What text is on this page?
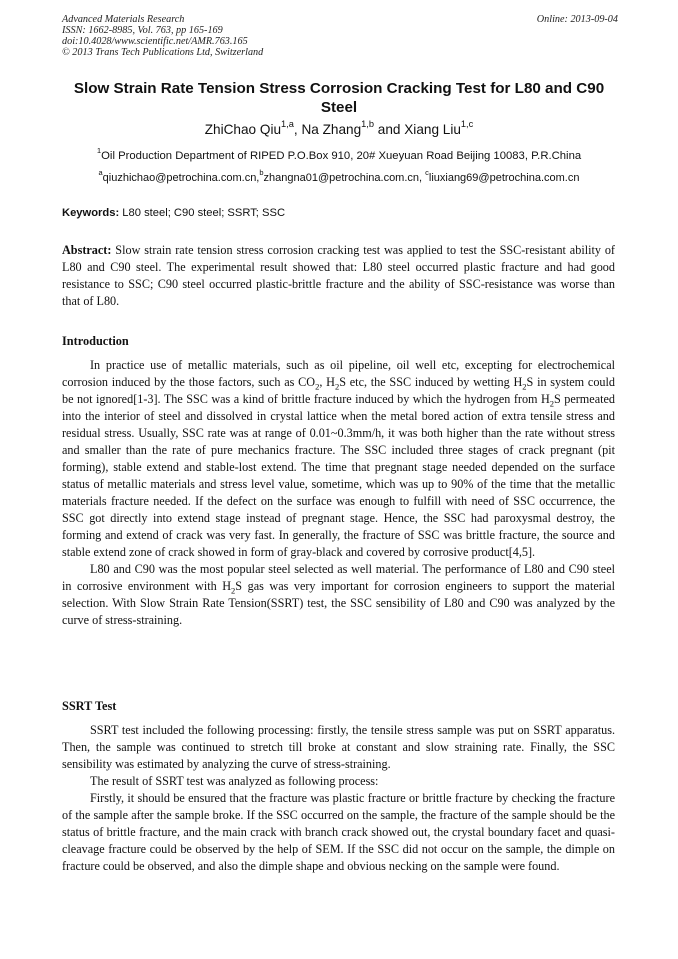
Advanced Materials Research	Online: 2013-09-04
ISSN: 1662-8985, Vol. 763, pp 165-169
doi:10.4028/www.scientific.net/AMR.763.165
© 2013 Trans Tech Publications Ltd, Switzerland
Slow Strain Rate Tension Stress Corrosion Cracking Test for L80 and C90 Steel
ZhiChao Qiu$^{1,a}$, Na Zhang$^{1,b}$ and Xiang Liu$^{1,c}$
$^1$Oil Production Department of RIPED P.O.Box 910, 20# Xueyuan Road Beijing 10083, P.R.China
$^a$qiuzhichao@petrochina.com.cn,$^b$zhangna01@petrochina.com.cn, $^c$liuxiang69@petrochina.com.cn
Keywords: L80 steel; C90 steel; SSRT; SSC
Abstract: Slow strain rate tension stress corrosion cracking test was applied to test the SSC-resistant ability of L80 and C90 steel. The experimental result showed that: L80 steel occurred plastic fracture and had good resistance to SSC; C90 steel occurred plastic-brittle fracture and the ability of SSC-resistance was worse than that of L80.
Introduction

In practice use of metallic materials, such as oil pipeline, oil well etc, excepting for electrochemical corrosion induced by the those factors, such as $CO_2$, $H_2S$ etc, the SSC induced by wetting $H_2S$ in system could be not ignored[1-3]. The SSC was a kind of brittle fracture induced by which the hydrogen from $H_2S$ permeated into the interior of steel and dissolved in crystal lattice when the metal bored action of extra tensile stress and residual stress. Usually, SSC rate was at range of 0.01~0.3mm/h, it was both higher than the rate without stress and smaller than the rate of pure mechanics fracture. The SSC included three stages of crack pregnant (pit forming), stable extend and stable-lost extend. The time that pregnant stage needed depended on the surface status of metallic materials and stress level value, sometime, which was up to 90% of the time that the metallic materials fracture needed. If the defect on the surface was enough to fulfill with need of SSC occurrence, the SSC got directly into extend stage instead of pregnant stage. Hence, the SSC had paroxysmal destroy, the forming and extend of crack was very fast. In generally, the fracture of SSC was brittle fracture, the source and stable extend zone of crack showed in form of gray-black and covered by corrosive product[4,5].

L80 and C90 was the most popular steel selected as well material. The performance of L80 and C90 steel in corrosive environment with $H_2S$ gas was very important for corrosion engineers to support the material selection. With Slow Strain Rate Tension(SSRT) test, the SSC sensibility of L80 and C90 was analyzed by the curve of stress-straining.

SSRT Test

SSRT test included the following processing: firstly, the tensile stress sample was put on SSRT apparatus. Then, the sample was continued to stretch till broke at constant and slow straining rate. Finally, the SSC sensibility was estimated by analyzing the curve of stress-straining.

The result of SSRT test was analyzed as following process:

Firstly, it should be ensured that the fracture was plastic fracture or brittle fracture by checking the fracture of the sample after the sample broke. If the SSC occurred on the sample, the fracture of the sample should be the status of brittle fracture, and the main crack with branch crack showed out, the crystal boundary facet and quasi-cleavage fracture could be observed by the help of SEM. If the SSC did not occur on the sample, the dimple on fracture could be observed, and also the dimple shape and obvious necking on the sample were found.
